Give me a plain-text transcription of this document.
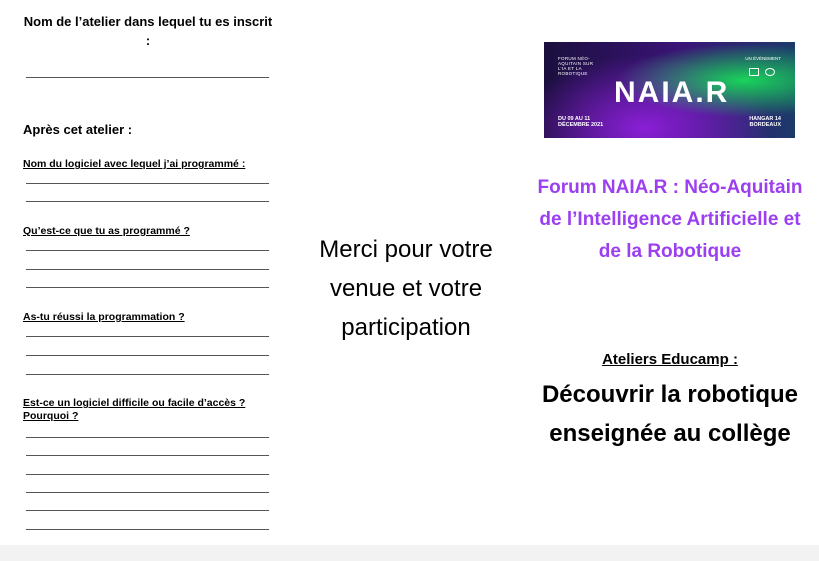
Nom de l’atelier dans lequel tu es inscrit :
Après cet atelier :
Nom du logiciel avec lequel j’ai programmé :
Qu’est-ce que tu as programmé ?
As-tu réussi la programmation ?
Est-ce un logiciel difficile ou facile d’accès ? Pourquoi ?
Merci pour votre venue et votre participation
FORUM NÉO-AQUITAIN SUR L’IA ET LA ROBOTIQUE
UN ÉVÈNEMENT
NAIA.R
DU 09 AU 11 DÉCEMBRE 2021
HANGAR 14 BORDEAUX
Forum NAIA.R : Néo-Aquitain de l’Intelligence Artificielle et de la Robotique
Ateliers Educamp :
Découvrir la robotique enseignée au collège
